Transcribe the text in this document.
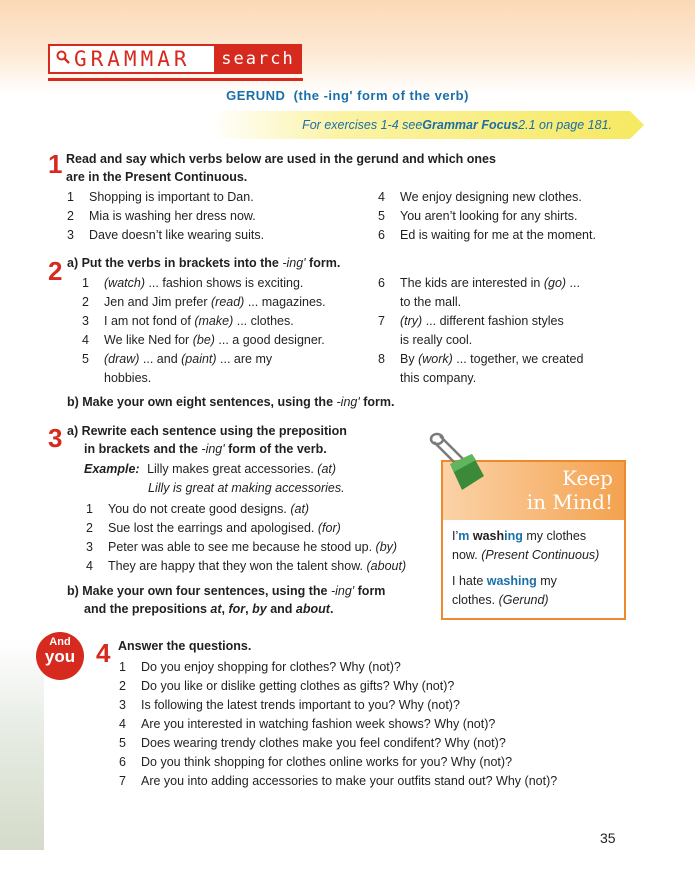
GRAMMAR	search
GERUND (the -ing' form of the verb)
For exercises 1-4 see Grammar Focus 2.1 on page 181.
1 Read and say which verbs below are used in the gerund and which ones
are in the Present Continuous.
1 Shopping is important to Dan.
2 Mia is washing her dress now.
3 Dave doesn’t like wearing suits.
4 We enjoy designing new clothes.
5 You aren’t looking for any shirts.
6 Ed is waiting for me at the moment.
2 a) Put the verbs in brackets into the -ing' form.
1 (watch) ... fashion shows is exciting.
2 Jen and Jim prefer (read) ... magazines.
3 I am not fond of (make) ... clothes.
4 We like Ned for (be) ... a good designer.
5 (draw) ... and (paint) ... are my
hobbies.
6 The kids are interested in (go) ...
to the mall.
7 (try) ... different fashion styles
is really cool.
8 By (work) ... together, we created
this company.
b) Make your own eight sentences, using the -ing' form.
3 a) Rewrite each sentence using the preposition
in brackets and the -ing' form of the verb.
Example: Lilly makes great accessories. (at)
Lilly is great at making accessories.
1 You do not create good designs. (at)
2 Sue lost the earrings and apologised. (for)
3 Peter was able to see me because he stood up. (by)
4 They are happy that they won the talent show. (about)
b) Make your own four sentences, using the -ing' form
and the prepositions at, for, by and about.
Keep
in Mind!
I’m washing my clothes
now. (Present Continuous)
I hate washing my
clothes. (Gerund)
And
you 4 Answer the questions.
1 Do you enjoy shopping for clothes? Why (not)?
2 Do you like or dislike getting clothes as gifts? Why (not)?
3 Is following the latest trends important to you? Why (not)?
4 Are you interested in watching fashion week shows? Why (not)?
5 Does wearing trendy clothes make you feel condifent? Why (not)?
6 Do you think shopping for clothes online works for you? Why (not)?
7 Are you into adding accessories to make your outfits stand out? Why (not)?
35
